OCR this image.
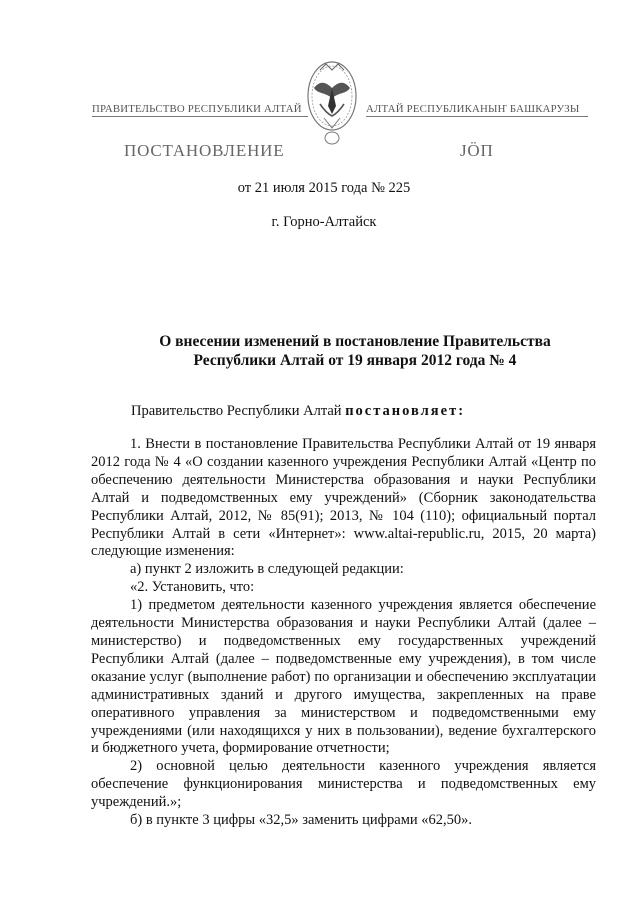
ПРАВИТЕЛЬСТВО РЕСПУБЛИКИ АЛТАЙ	АЛТАЙ РЕСПУБЛИКАНЫҤ БАШКАРУЗЫ
ПОСТАНОВЛЕНИЕ	ЈӦП
от 21 июля 2015 года № 225
г. Горно-Алтайск
О внесении изменений в постановление Правительства Республики Алтай от 19 января 2012 года № 4
Правительство Республики Алтай постановляет:

1. Внести в постановление Правительства Республики Алтай от 19 января 2012 года № 4 «О создании казенного учреждения Республики Алтай «Центр по обеспечению деятельности Министерства образования и науки Республики Алтай и подведомственных ему учреждений» (Сборник законодательства Республики Алтай, 2012, № 85(91); 2013, № 104 (110); официальный портал Республики Алтай в сети «Интернет»: www.altai-republic.ru, 2015, 20 марта) следующие изменения:

а) пункт 2 изложить в следующей редакции:

«2. Установить, что:

1) предметом деятельности казенного учреждения является обеспечение деятельности Министерства образования и науки Республики Алтай (далее – министерство) и подведомственных ему государственных учреждений Республики Алтай (далее – подведомственные ему учреждения), в том числе оказание услуг (выполнение работ) по организации и обеспечению эксплуатации административных зданий и другого имущества, закрепленных на праве оперативного управления за министерством и подведомственными ему учреждениями (или находящихся у них в пользовании), ведение бухгалтерского и бюджетного учета, формирование отчетности;

2) основной целью деятельности казенного учреждения является обеспечение функционирования министерства и подведомственных ему учреждений.»;

б) в пункте 3 цифры «32,5» заменить цифрами «62,50».
